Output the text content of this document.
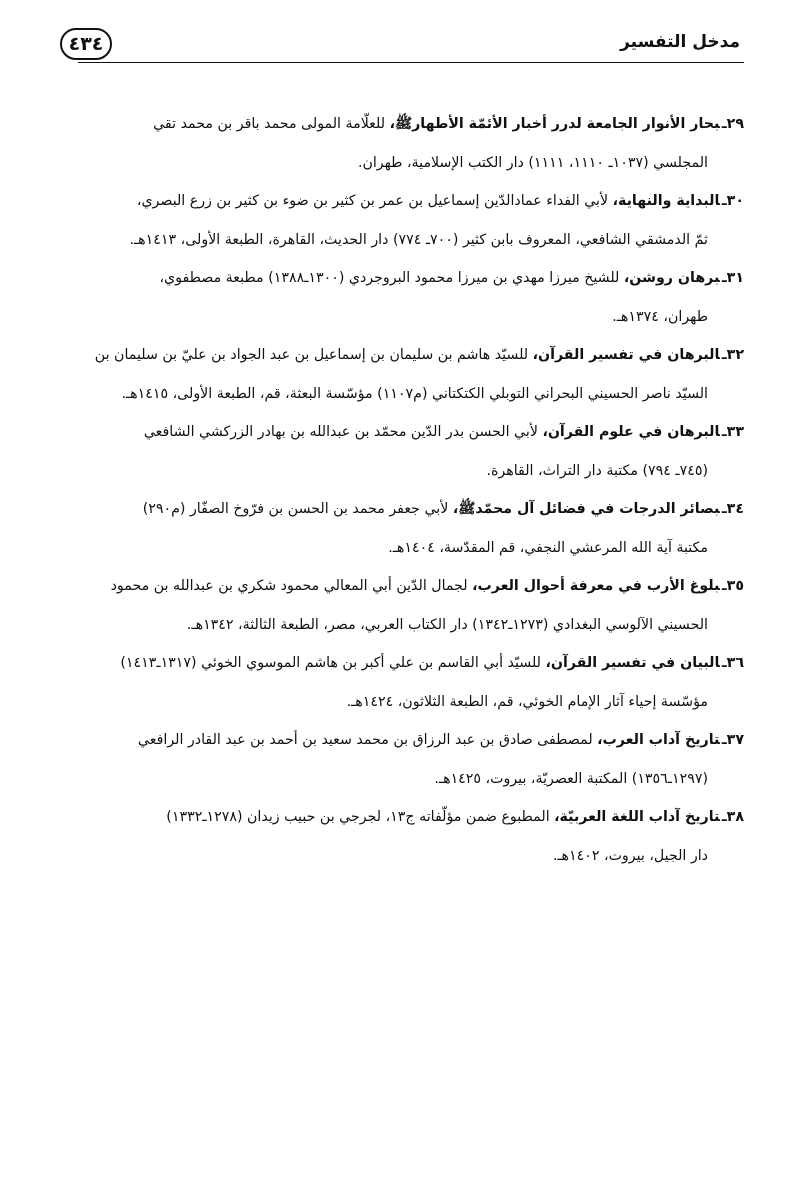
مدخل التفسير
٤٣٤
٢٩ـبحار الأنوار الجامعة لدرر أخبار الأئمّة الأطهارﷺ، للعلّامة المولى محمد باقر بن محمد تقي
المجلسي (١٠٣٧ـ ١١١٠، ١١١١) دار الكتب الإسلامية، طهران.
٣٠ـالبداية والنهاية، لأبي الفداء عمادالدّين إسماعيل بن عمر بن كثير بن ضوء بن كثير بن زرع البصري،
ثمّ الدمشقي الشافعي، المعروف بابن كثير (٧٠٠ـ ٧٧٤) دار الحديث، القاهرة، الطبعة الأولى، ١٤١٣هـ.
٣١ـبرهان روشن، للشيخ ميرزا مهدي بن ميرزا محمود البروجردي (١٣٠٠ـ١٣٨٨) مطبعة مصطفوي،
طهران، ١٣٧٤هـ.
٣٢ـالبرهان في تفسير القرآن، للسيّد هاشم بن سليمان بن إسماعيل بن عبد الجواد بن عليّ بن سليمان بن
السيّد ناصر الحسيني البحراني التوبلي الكتكتاني (م١١٠٧) مؤسّسة البعثة، قم، الطبعة الأولى، ١٤١٥هـ.
٣٣ـالبرهان في علوم القرآن، لأبي الحسن بدر الدّين محمّد بن عبدالله بن بهادر الزركشي الشافعي
(٧٤٥ـ ٧٩٤) مكتبة دار التراث، القاهرة.
٣٤ـبصائر الدرجات في فضائل آل محمّدﷺ، لأبي جعفر محمد بن الحسن بن فرّوخ الصفّار (م٢٩٠)
مكتبة آية الله المرعشي النجفي، قم المقدّسة، ١٤٠٤هـ.
٣٥ـبلوغ الأرب في معرفة أحوال العرب، لجمال الدّين أبي المعالي محمود شكري بن عبدالله بن محمود
الحسيني الآلوسي البغدادي (١٢٧٣ـ١٣٤٢) دار الكتاب العربي، مصر، الطبعة الثالثة، ١٣٤٢هـ.
٣٦ـالبيان في تفسير القرآن، للسيّد أبي القاسم بن علي أكبر بن هاشم الموسوي الخوئي (١٣١٧ـ١٤١٣)
مؤسّسة إحياء آثار الإمام الخوئي، قم، الطبعة الثلاثون، ١٤٢٤هـ.
٣٧ـتاريخ آداب العرب، لمصطفى صادق بن عبد الرزاق بن محمد سعيد بن أحمد بن عبد القادر الرافعي
(١٢٩٧ـ١٣٥٦) المكتبة العصريّة، بيروت، ١٤٢٥هـ.
٣٨ـتاريخ آداب اللغة العربيّة، المطبوع ضمن مؤلّفاته ج١٣، لجرجي بن حبيب زيدان (١٢٧٨ـ١٣٣٢)
دار الجيل، بيروت، ١٤٠٢هـ.
